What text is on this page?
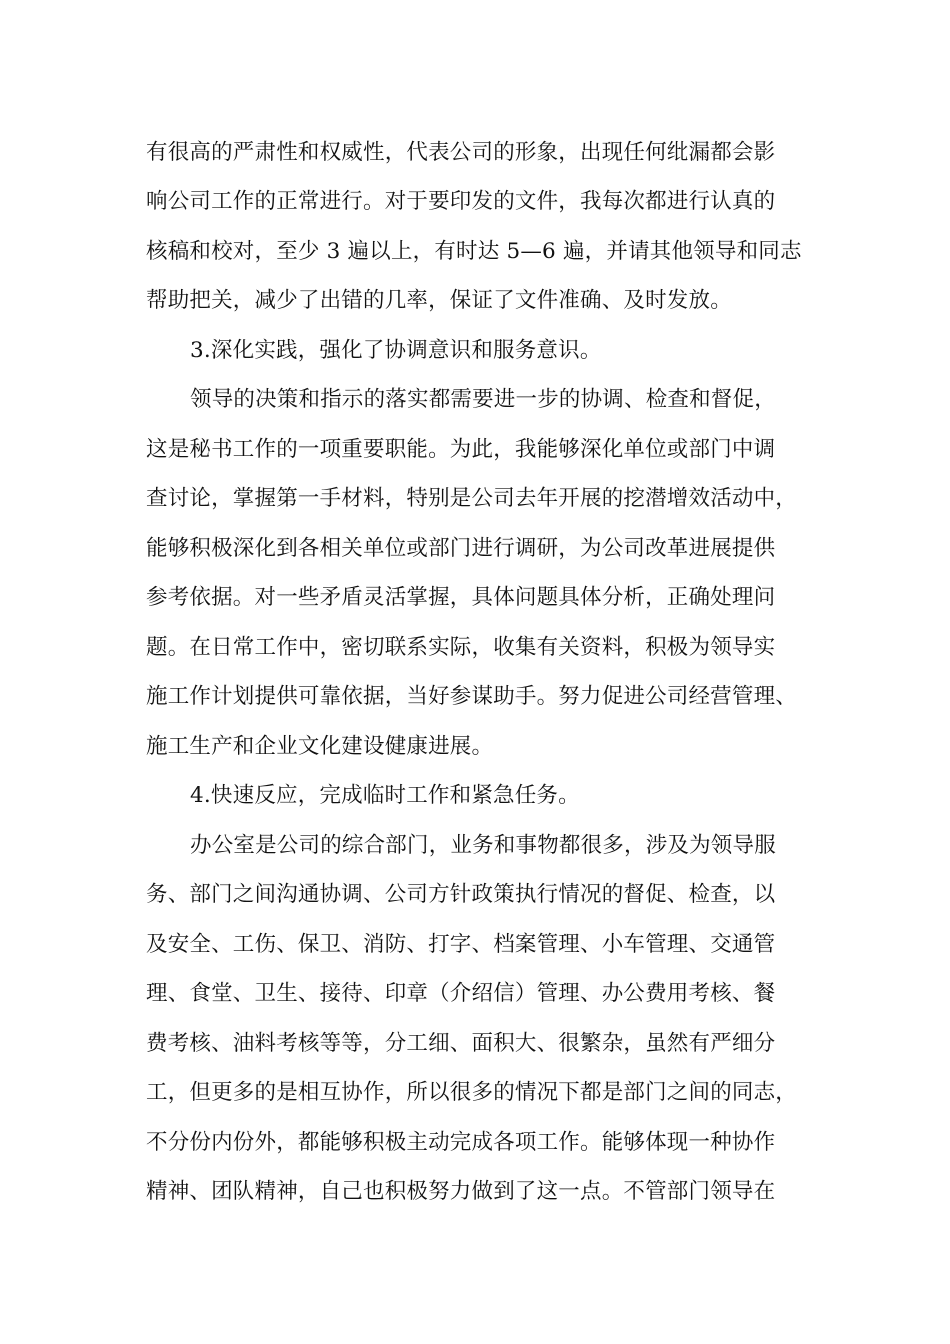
有很高的严肃性和权威性，代表公司的形象，出现任何纰漏都会影
响公司工作的正常进行。对于要印发的文件，我每次都进行认真的
核稿和校对，至少 3 遍以上，有时达 5—6 遍，并请其他领导和同志
帮助把关，减少了出错的几率，保证了文件准确、及时发放。
3.深化实践，强化了协调意识和服务意识。
领导的决策和指示的落实都需要进一步的协调、检查和督促，
这是秘书工作的一项重要职能。为此，我能够深化单位或部门中调
查讨论，掌握第一手材料，特别是公司去年开展的挖潜增效活动中，
能够积极深化到各相关单位或部门进行调研，为公司改革进展提供
参考依据。对一些矛盾灵活掌握，具体问题具体分析，正确处理问
题。在日常工作中，密切联系实际，收集有关资料，积极为领导实
施工作计划提供可靠依据，当好参谋助手。努力促进公司经营管理、
施工生产和企业文化建设健康进展。
4.快速反应，完成临时工作和紧急任务。
办公室是公司的综合部门，业务和事物都很多，涉及为领导服
务、部门之间沟通协调、公司方针政策执行情况的督促、检查，以
及安全、工伤、保卫、消防、打字、档案管理、小车管理、交通管
理、食堂、卫生、接待、印章（介绍信）管理、办公费用考核、餐
费考核、油料考核等等，分工细、面积大、很繁杂，虽然有严细分
工，但更多的是相互协作，所以很多的情况下都是部门之间的同志，
不分份内份外，都能够积极主动完成各项工作。能够体现一种协作
精神、团队精神，自己也积极努力做到了这一点。不管部门领导在
